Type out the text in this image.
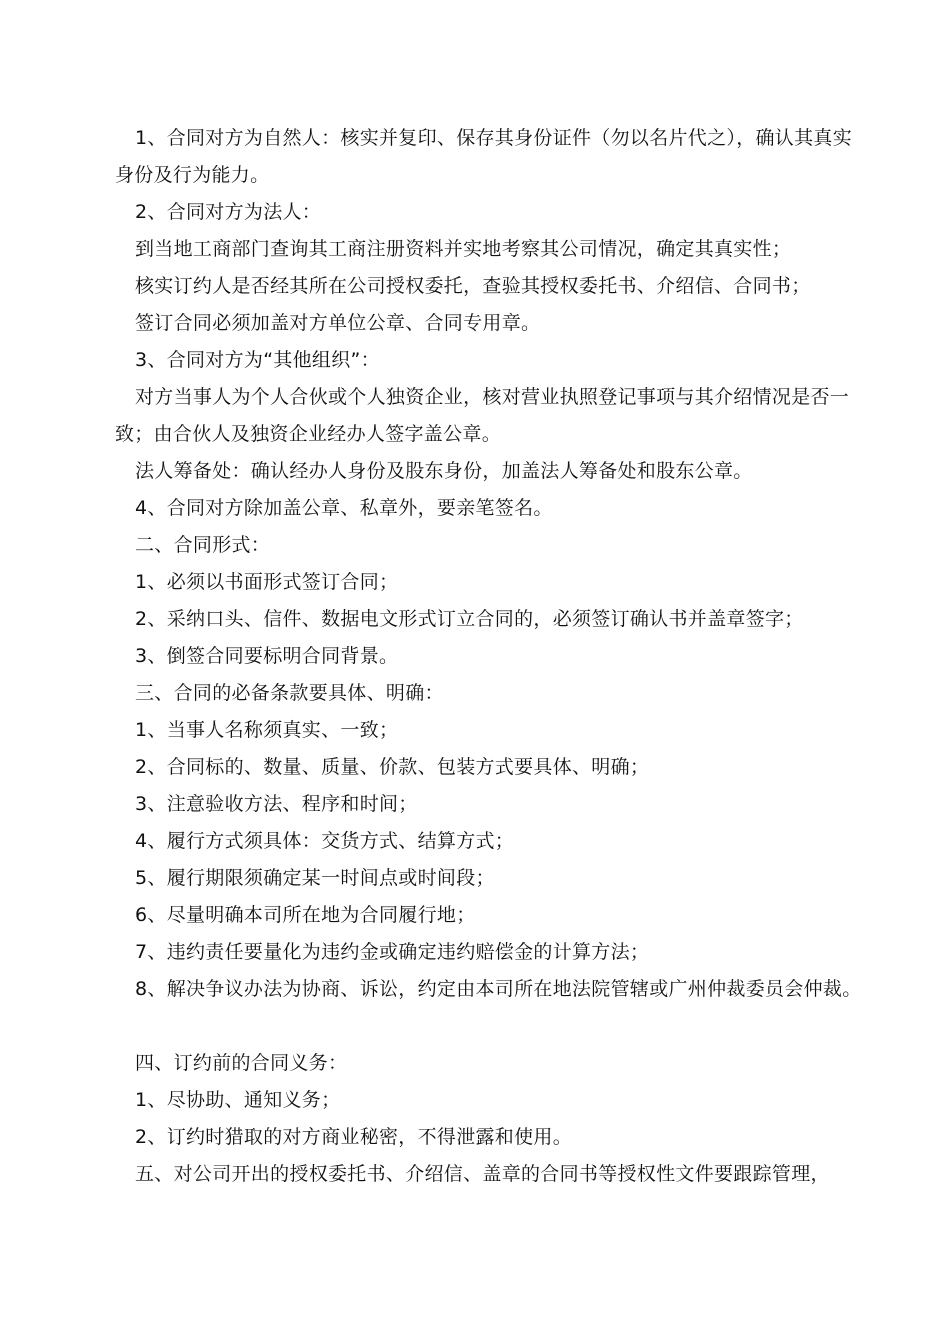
1、合同对方为自然人：核实并复印、保存其身份证件（勿以名片代之），确认其真实身份及行为能力。

2、合同对方为法人：

到当地工商部门查询其工商注册资料并实地考察其公司情况，确定其真实性；

核实订约人是否经其所在公司授权委托，查验其授权委托书、介绍信、合同书；

签订合同必须加盖对方单位公章、合同专用章。

3、合同对方为“其他组织”：

对方当事人为个人合伙或个人独资企业，核对营业执照登记事项与其介绍情况是否一致；由合伙人及独资企业经办人签字盖公章。

法人筹备处：确认经办人身份及股东身份，加盖法人筹备处和股东公章。

4、合同对方除加盖公章、私章外，要亲笔签名。

二、合同形式：

1、必须以书面形式签订合同；

2、采纳口头、信件、数据电文形式订立合同的，必须签订确认书并盖章签字；

3、倒签合同要标明合同背景。

三、合同的必备条款要具体、明确：

1、当事人名称须真实、一致；

2、合同标的、数量、质量、价款、包装方式要具体、明确；

3、注意验收方法、程序和时间；

4、履行方式须具体：交货方式、结算方式；

5、履行期限须确定某一时间点或时间段；

6、尽量明确本司所在地为合同履行地；

7、违约责任要量化为违约金或确定违约赔偿金的计算方法；

8、解决争议办法为协商、诉讼，约定由本司所在地法院管辖或广州仲裁委员会仲裁。

四、订约前的合同义务：

1、尽协助、通知义务；

2、订约时猎取的对方商业秘密，不得泄露和使用。

五、对公司开出的授权委托书、介绍信、盖章的合同书等授权性文件要跟踪管理，
